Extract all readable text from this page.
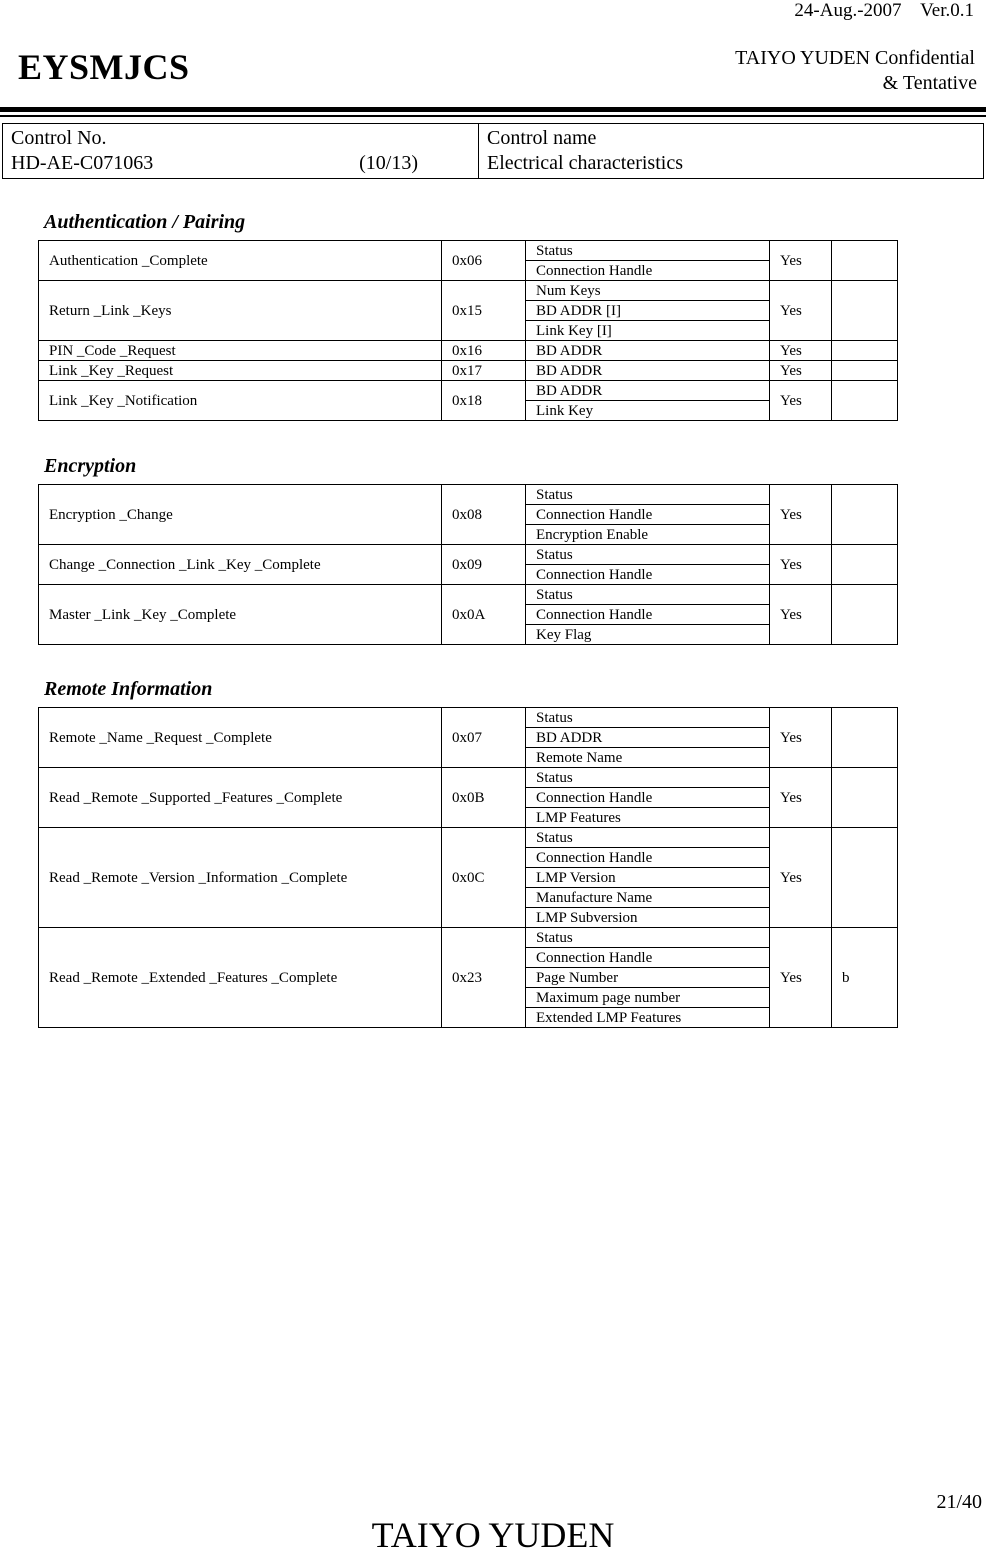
24-Aug.-2007    Ver.0.1
EYSMJCS	TAIYO YUDEN Confidential
& Tentative
Control No.
HD-AE-C071063	(10/13)

Control name
Electrical characteristics
Authentication / Pairing
Authentication _Complete	0x06	Status	Yes	
		Connection Handle		
Return _Link _Keys	0x15	Num Keys	Yes	
		BD ADDR [I]		
		Link Key [I]		
PIN _Code _Request	0x16	BD ADDR	Yes	
Link _Key _Request	0x17	BD ADDR	Yes	
Link _Key _Notification	0x18	BD ADDR	Yes	
		Link Key		
Encryption
Encryption _Change	0x08	Status	Yes	
		Connection Handle		
		Encryption Enable		
Change _Connection _Link _Key _Complete	0x09	Status	Yes	
		Connection Handle		
Master _Link _Key _Complete	0x0A	Status	Yes	
		Connection Handle		
		Key Flag		
Remote Information
Remote _Name _Request _Complete	0x07	Status	Yes	
		BD ADDR		
		Remote Name		
Read _Remote _Supported _Features _Complete	0x0B	Status	Yes	
		Connection Handle		
		LMP Features		
Read _Remote _Version _Information _Complete	0x0C	Status	Yes	
		Connection Handle		
		LMP Version		
		Manufacture Name		
		LMP Subversion		
Read _Remote _Extended _Features _Complete	0x23	Status	Yes	b
		Connection Handle		
		Page Number		
		Maximum page number		
		Extended LMP Features		
21/40
TAIYO YUDEN
